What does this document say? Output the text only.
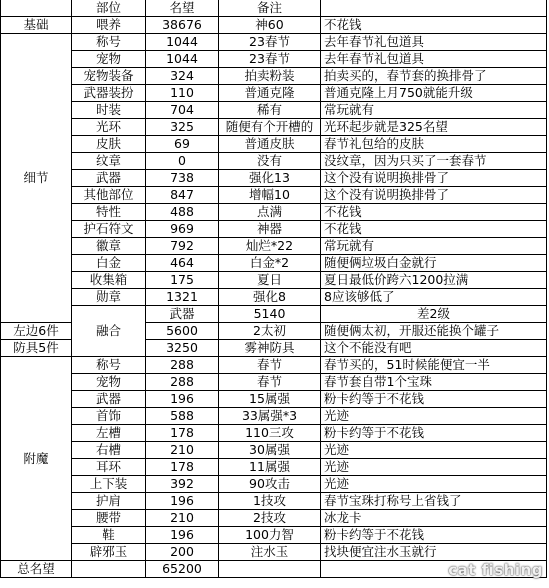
	部位	名望	备注		
基础	喂养	38676	神60	不花钱	
细节	称号	1044	23春节	去年春节礼包道具	
	宠物	1044	23春节	去年春节礼包道具	
	宠物装备	324	拍卖粉装	拍卖买的，春节套的换排骨了	
	武器装扮	110	普通克隆	普通克隆上月750就能升级	
	时装	704	稀有	常玩就有	
	光环	325	随便有个开槽的	光环起步就是325名望	
	皮肤	69	普通皮肤	春节礼包给的皮肤	
	纹章	0	没有	没纹章，因为只买了一套春节	
	武器	738	强化13	这个没有说明换排骨了	
	其他部位	847	增幅10	这个没有说明换排骨了	
	特性	488	点满	不花钱	
	护石符文	969	神器	不花钱	
	徽章	792	灿烂*22	常玩就有	
	白金	464	白金*2	随便俩垃圾白金就行	
	收集箱	175	夏日	夏日最低价跨六1200拉满	
	勋章	1321	强化8	8应该够低了	
	融合	武器	5140	差2级	
左边6件		5600	2太初	随便俩太初，开服还能换个罐子	
防具5件		3250	雾神防具	这个不能没有吧	
附魔	称号	288	春节	春节买的，51时候能便宜一半	
	宠物	288	春节	春节套自带1个宝珠	
	武器	196	15属强	粉卡约等于不花钱	
	首饰	588	33属强*3	光迹	
	左槽	178	110三攻	粉卡约等于不花钱	
	右槽	210	30属强	光迹	
	耳环	178	11属强	光迹	
	上下装	392	90攻击	光迹	
	护肩	196	1技攻	春节宝珠打称号上省钱了	
	腰带	210	2技攻	冰龙卡	
	鞋	196	100力智	粉卡约等于不花钱	
	辟邪玉	200	注水玉	找块便宜注水玉就行	
总名望		65200				cat fishing
